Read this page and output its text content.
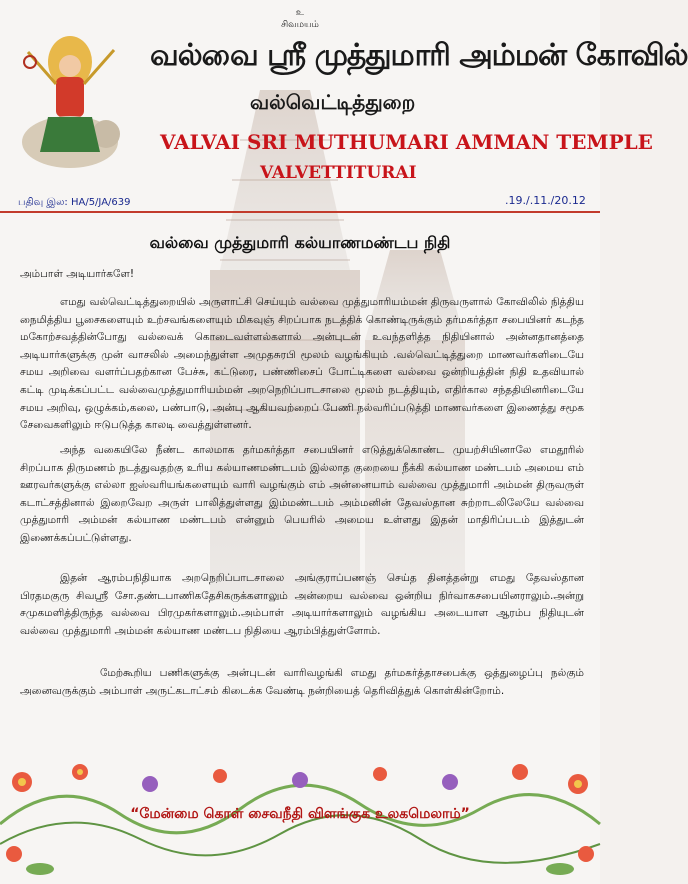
உ
சிவமயம்
வல்வை ஸ்ரீ முத்துமாரி அம்மன் கோவில்
வல்வெட்டித்துறை
VALVAI SRI MUTHUMARI AMMAN TEMPLE
VALVETTITURAI
பதிவு இல: HA/5/JA/639	.19./.11./20.12
வல்வை முத்துமாரி கல்யாணமண்டப நிதி
அம்பாள் அடியார்களே!
எமது வல்வெட்டித்துறையில் அருளாட்சி செய்யும் வல்வை முத்துமாரியம்மன் திருவருளால் கோவிலில் நித்திய நைமித்திய பூசைகளையும் உற்சவங்களையும் மிகவுஞ் சிறப்பாக நடத்திக் கொண்டிருக்கும் தர்மகர்த்தா சபையினர் கடந்த மகோற்சவத்தின்போது வல்வைக் கொடைவள்ளல்களால் அன்புடன் உவந்தளித்த நிதியினால் அன்னதானத்தை அடியார்களுக்கு முன் வாசலில் அமைந்துள்ள அமுதசுரபி மூலம் வழங்கியும் .வல்வெட்டித்துறை மாணவர்களிடையே சமய அறிவை வளர்ப்பதற்கான பேச்சு, கட்டுரை, பண்ணிசைப் போட்டிகளை வல்வை ஒன்றியத்தின் நிதி உதவியால் கட்டி முடிக்கப்பட்ட வல்வைமுத்துமாரியம்மன் அறநெறிப்பாடசாலை மூலம் நடத்தியும், எதிர்கால சந்ததியினரிடையே சமய அறிவு, ஒழுக்கம்,கலை, பண்பாடு, அன்பு ஆகியவற்றைப் பேணி நல்வரிப்படுத்தி மாணவர்களை இணைத்து சமூக சேவைகளிலும் ஈடுபடுத்த காலடி வைத்துள்ளனர்.
அந்த வகையிலே நீண்ட காலமாக தர்மகர்த்தா சபையினர் எடுத்துக்கொண்ட முயற்சியினாலே எமதூரில் சிறப்பாக திருமணம் நடத்துவதற்கு உரிய கல்யாணமண்டபம் இல்லாத குறையை நீக்கி கல்யாண மண்டபம் அமைய எம் ஊரவர்களுக்கு எல்லா ஐஸ்வரியங்களையும் வாரி வழங்கும் எம் அன்னையாம் வல்வை முத்துமாரி அம்மன் திருவருள் கடாட்சத்தினால் இறைவேற அருள் பாலித்துள்ளது இம்மண்டபம் அம்மனின் தேவஸ்தான சுற்றாடலிலேயே வல்வை முத்துமாரி அம்மன் கல்யாண மண்டபம் என்னும் பெயரில் அமைய உள்ளது இதன் மாதிரிப்படம் இத்துடன் இணைக்கப்பட்டுள்ளது.
இதன் ஆரம்பநிதியாக அறநெறிப்பாடசாலை அங்குராப்பணஞ் செய்த தினத்தன்று எமது தேவஸ்தான பிரதமகுரு சிவஸ்ரீ சோ.தண்டபாணிகதேசிகருக்களாலும் அன்றைய வல்வை ஒன்றிய நிர்வாகசபையினராலும்.அன்று சமுகமளித்திருந்த வல்வை பிரமுகர்களாலும்.அம்பாள் அடியார்களாலும் வழங்கிய அடையாள ஆரம்ப நிதியுடன் வல்வை முத்துமாரி அம்மன் கல்யாண மண்டப நிதியை ஆரம்பித்துள்ளோம்.
மேற்கூறிய பணிகளுக்கு அன்புடன் வாரிவழங்கி எமது தர்மகர்த்தாசபைக்கு ஒத்துழைப்பு நல்கும் அனைவருக்கும் அம்பாள் அருட்கடாட்சம் கிடைக்க வேண்டி நன்றியைத் தெரிவித்துக் கொள்கின்றோம்.
“மேன்மை கொள் சைவநீதி விளங்குக உலகமெலாம்”
